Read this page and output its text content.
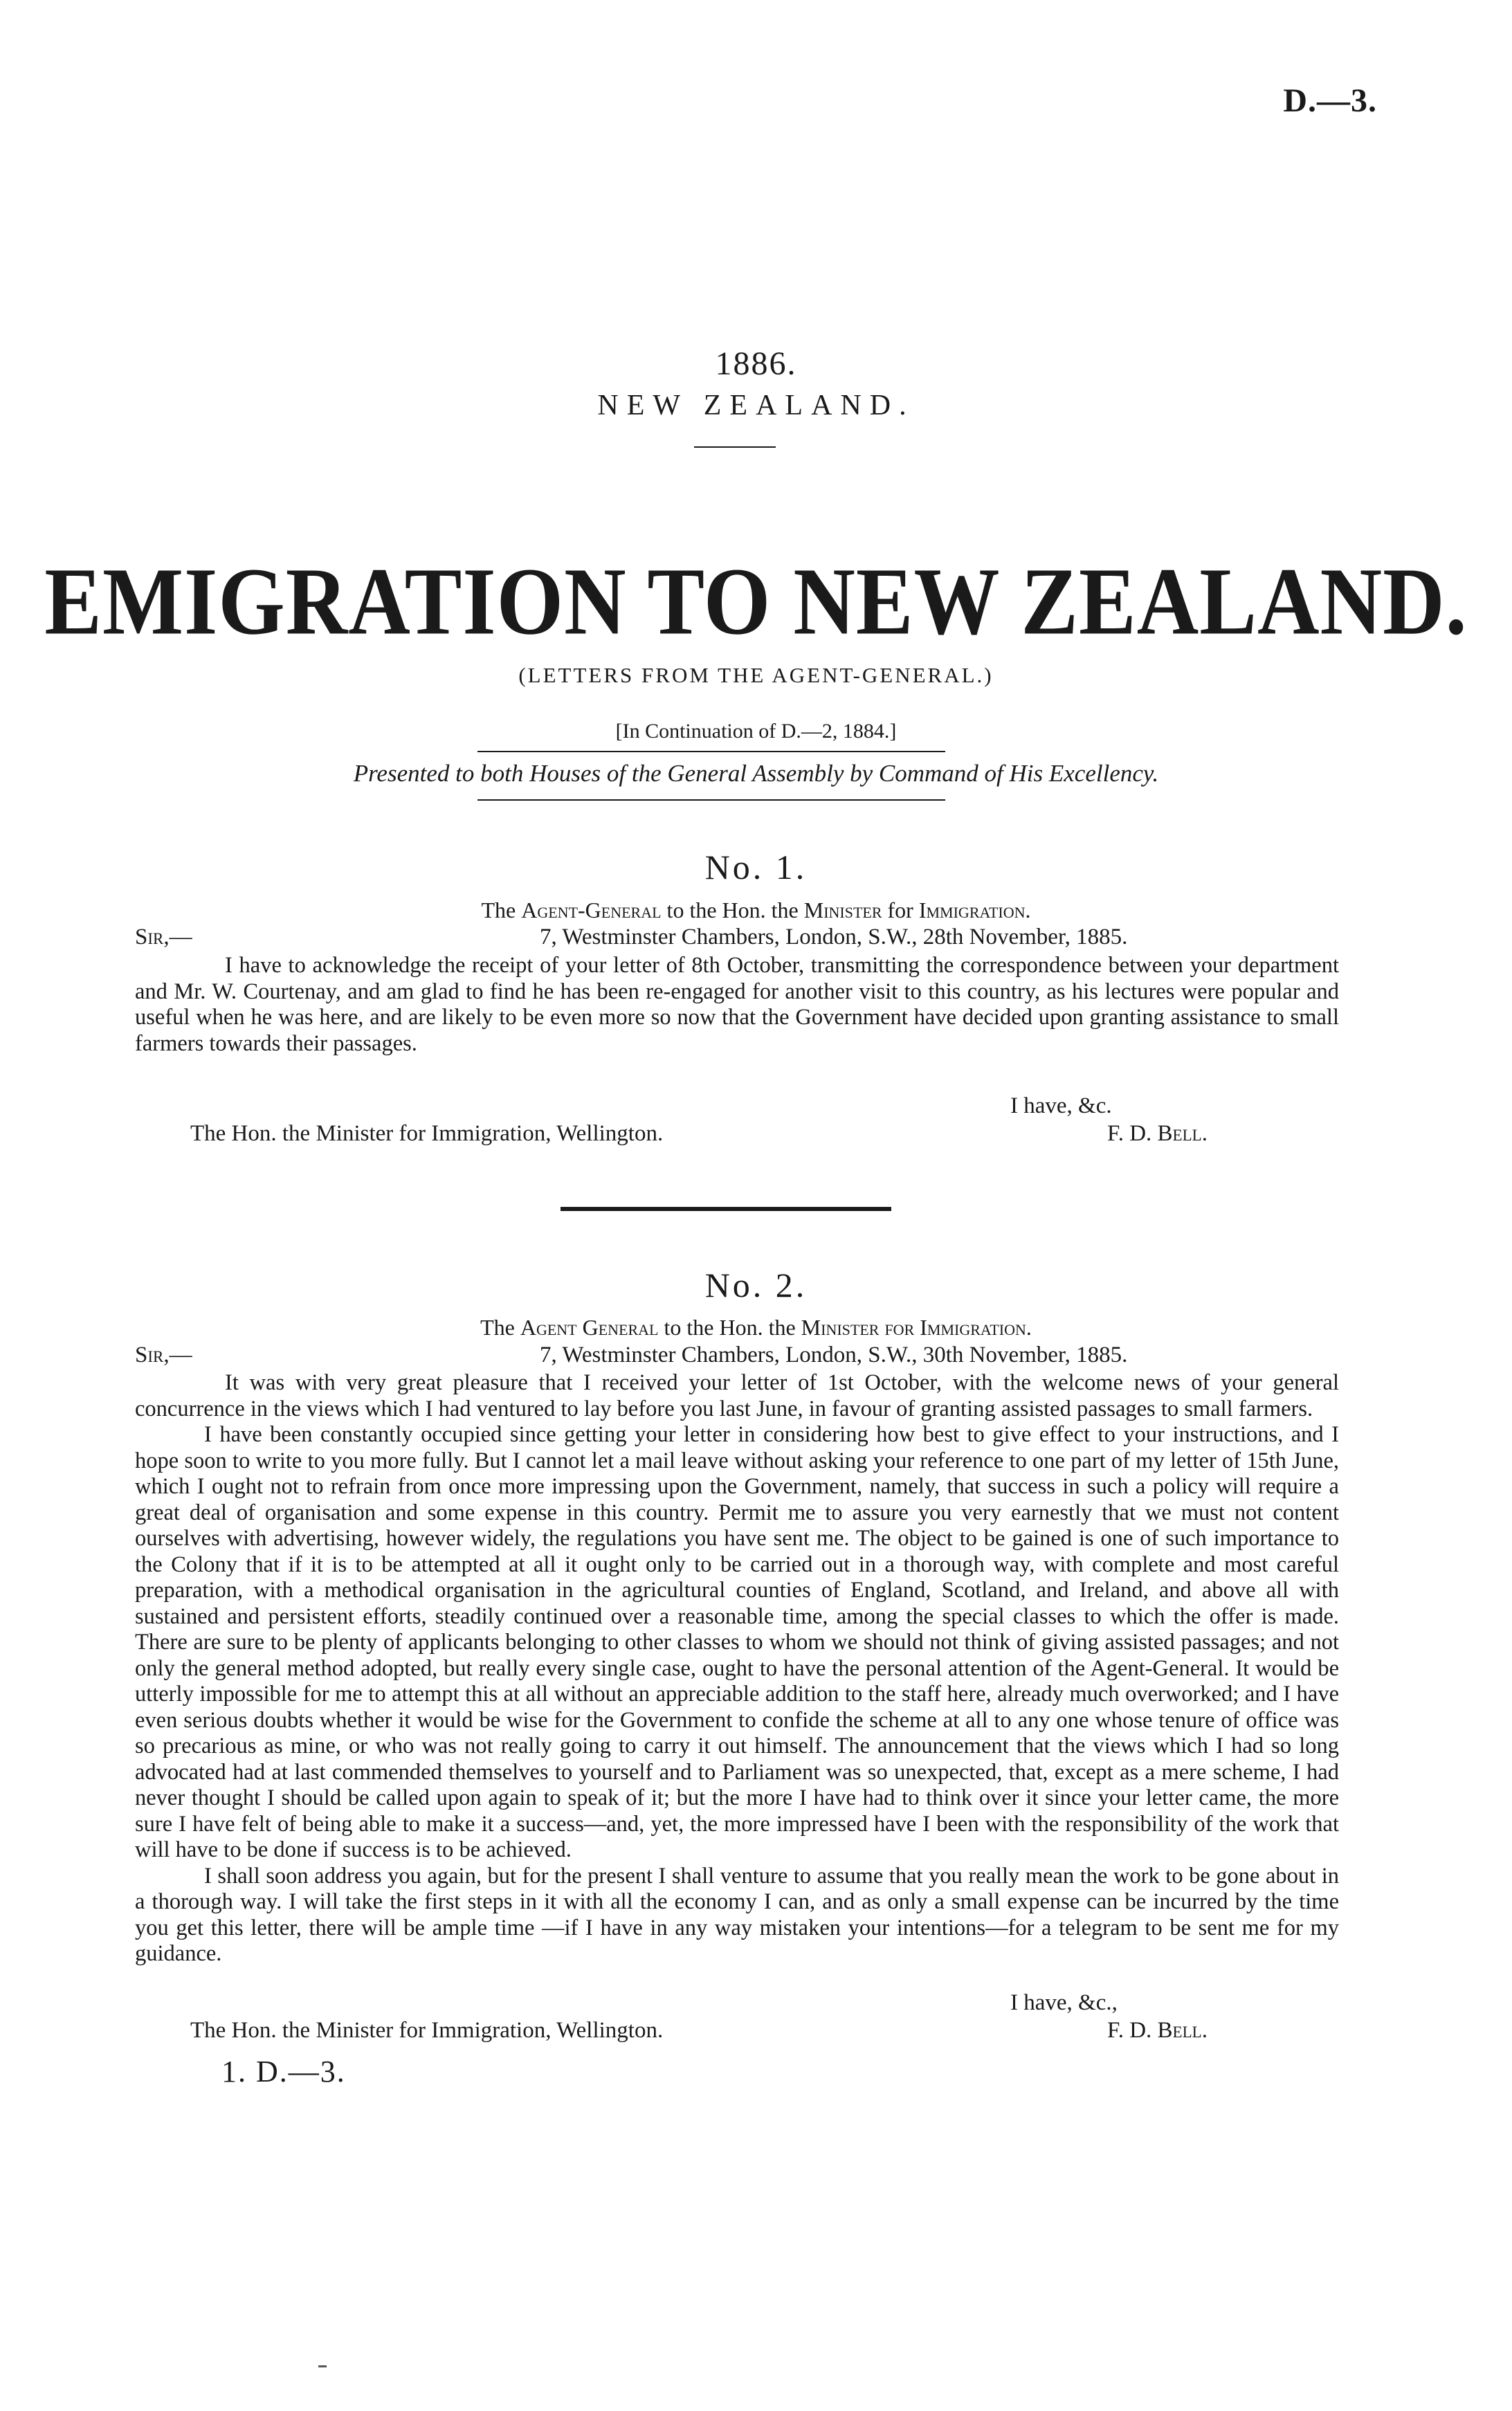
D.—3.
1886.
NEW ZEALAND.
EMIGRATION TO NEW ZEALAND.
(LETTERS FROM THE AGENT-GENERAL.)
[In Continuation of D.—2, 1884.]
Presented to both Houses of the General Assembly by Command of His Excellency.
No. 1.
The Agent-General to the Hon. the Minister for Immigration.
Sir,—	7, Westminster Chambers, London, S.W., 28th November, 1885.

I have to acknowledge the receipt of your letter of 8th October, transmitting the correspondence between your department and Mr. W. Courtenay, and am glad to find he has been re-engaged for another visit to this country, as his lectures were popular and useful when he was here, and are likely to be even more so now that the Government have decided upon granting assistance to small farmers towards their passages.

I have, &c.
The Hon. the Minister for Immigration, Wellington.	F. D. Bell.
No. 2.
The Agent General to the Hon. the Minister for Immigration.
Sir,—	7, Westminster Chambers, London, S.W., 30th November, 1885.

It was with very great pleasure that I received your letter of 1st October, with the welcome news of your general concurrence in the views which I had ventured to lay before you last June, in favour of granting assisted passages to small farmers.

I have been constantly occupied since getting your letter in considering how best to give effect to your instructions, and I hope soon to write to you more fully. But I cannot let a mail leave without asking your reference to one part of my letter of 15th June, which I ought not to refrain from once more impressing upon the Government, namely, that success in such a policy will require a great deal of organisation and some expense in this country. Permit me to assure you very earnestly that we must not content ourselves with advertising, however widely, the regulations you have sent me. The object to be gained is one of such importance to the Colony that if it is to be attempted at all it ought only to be carried out in a thorough way, with complete and most careful preparation, with a methodical organisation in the agricultural counties of England, Scotland, and Ireland, and above all with sustained and persistent efforts, steadily continued over a reasonable time, among the special classes to which the offer is made. There are sure to be plenty of applicants belonging to other classes to whom we should not think of giving assisted passages; and not only the general method adopted, but really every single case, ought to have the personal attention of the Agent-General. It would be utterly impossible for me to attempt this at all without an appreciable addition to the staff here, already much overworked; and I have even serious doubts whether it would be wise for the Government to confide the scheme at all to any one whose tenure of office was so precarious as mine, or who was not really going to carry it out himself. The announcement that the views which I had so long advocated had at last commended themselves to yourself and to Parliament was so unexpected, that, except as a mere scheme, I had never thought I should be called upon again to speak of it; but the more I have had to think over it since your letter came, the more sure I have felt of being able to make it a success—and, yet, the more impressed have I been with the responsibility of the work that will have to be done if success is to be achieved.

I shall soon address you again, but for the present I shall venture to assume that you really mean the work to be gone about in a thorough way. I will take the first steps in it with all the economy I can, and as only a small expense can be incurred by the time you get this letter, there will be ample time —if I have in any way mistaken your intentions—for a telegram to be sent me for my guidance.

I have, &c.,
The Hon. the Minister for Immigration, Wellington.	F. D. Bell.
1. D.—3.
